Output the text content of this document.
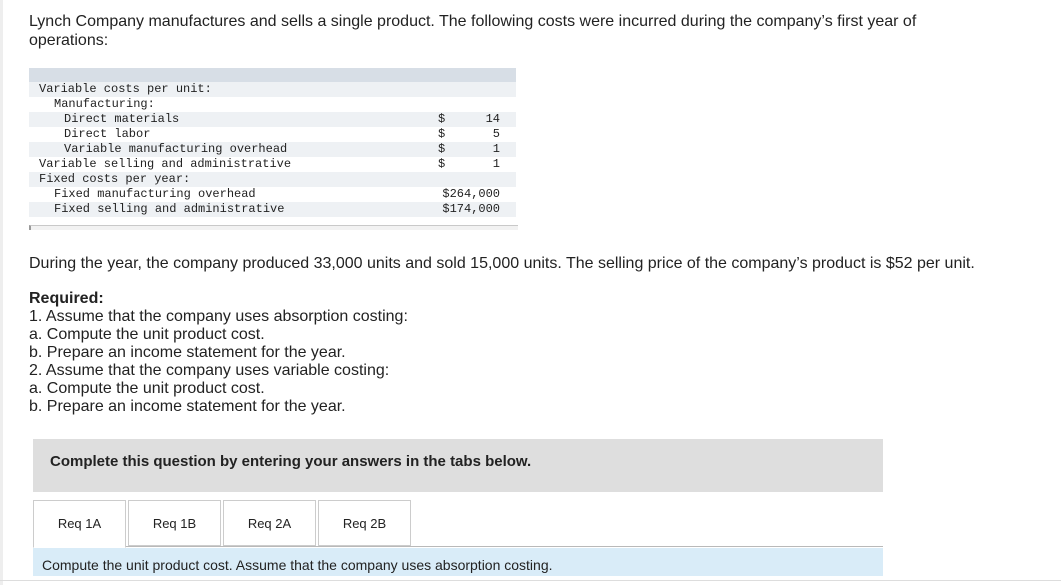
Lynch Company manufactures and sells a single product. The following costs were incurred during the company’s first year of operations:
Variable costs per unit:
Manufacturing:
Direct materials	$	14
Direct labor	$	5
Variable manufacturing overhead	$	1
Variable selling and administrative	$	1
Fixed costs per year:
Fixed manufacturing overhead	$264,000
Fixed selling and administrative	$174,000
During the year, the company produced 33,000 units and sold 15,000 units. The selling price of the company’s product is $52 per unit.
Required:
1. Assume that the company uses absorption costing:
a. Compute the unit product cost.
b. Prepare an income statement for the year.
2. Assume that the company uses variable costing:
a. Compute the unit product cost.
b. Prepare an income statement for the year.
Complete this question by entering your answers in the tabs below.
Req 1A	Req 1B	Req 2A	Req 2B
Compute the unit product cost. Assume that the company uses absorption costing.
